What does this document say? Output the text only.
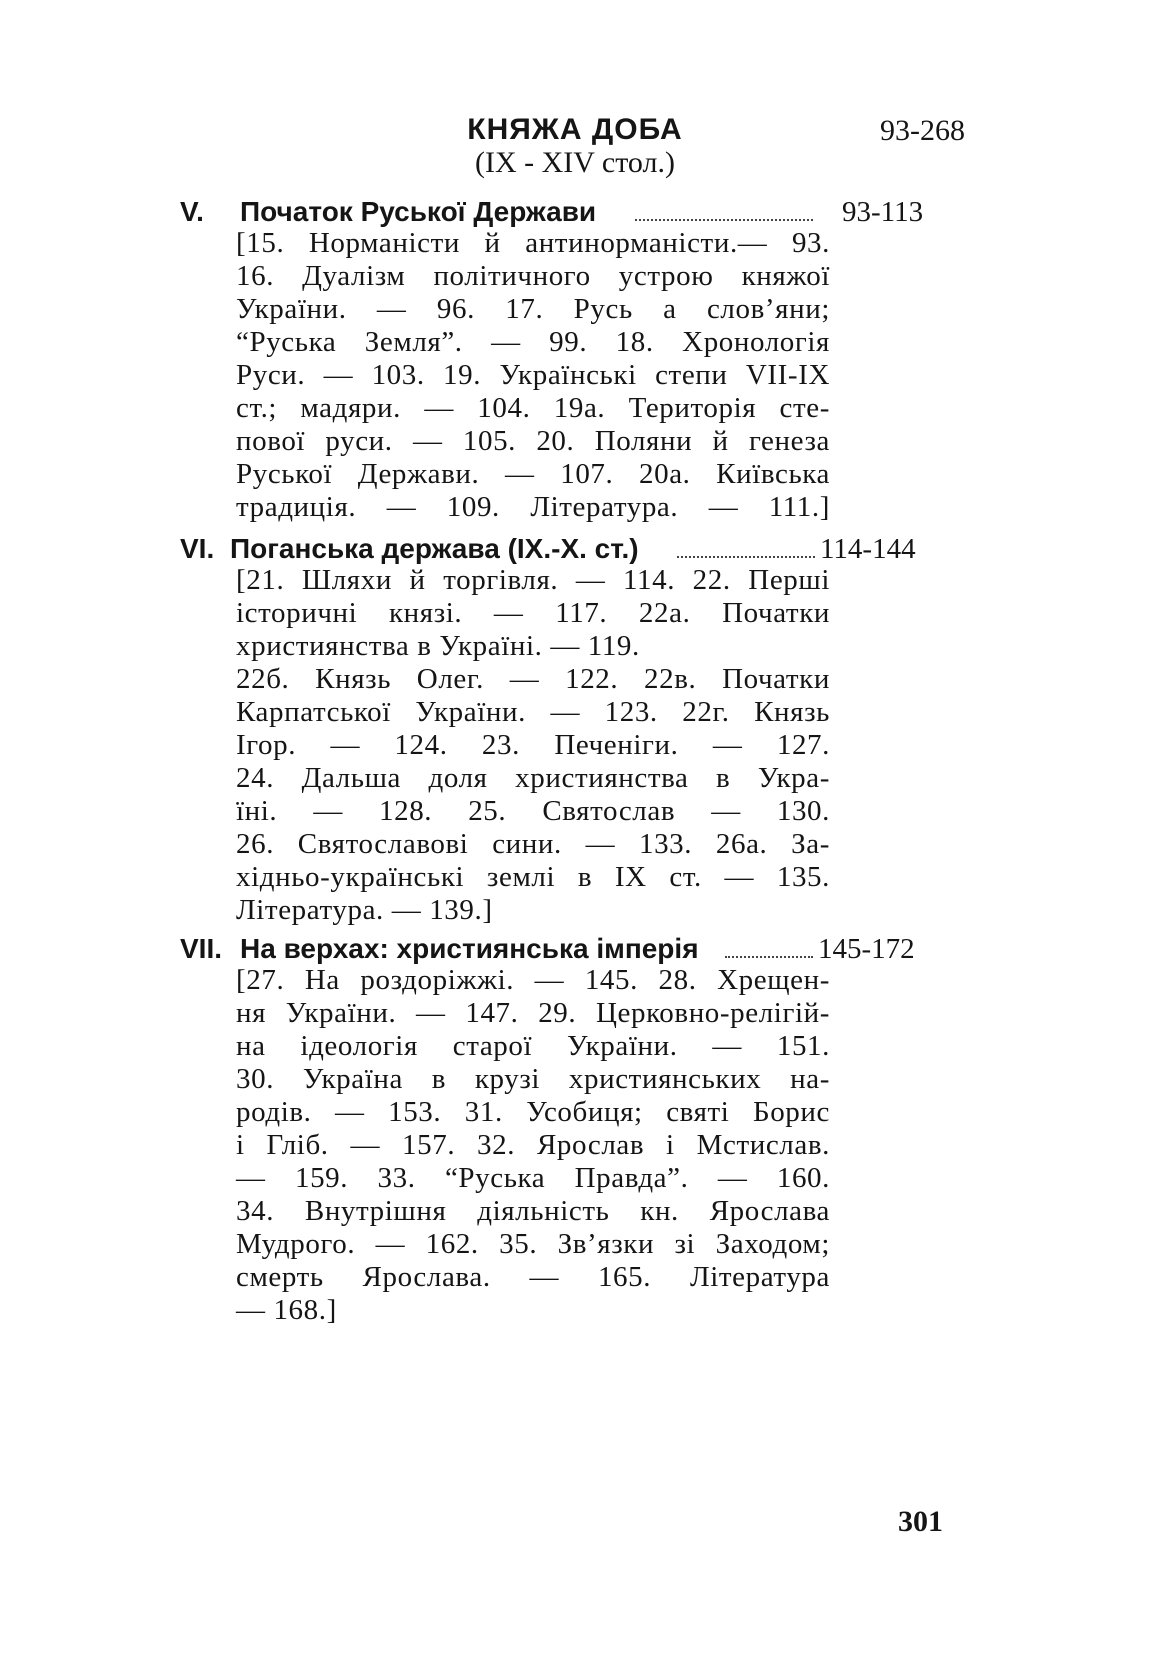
КНЯЖА ДОБА
(IX - XIV стол.)
93-268
V. Початок Руської Держави	93-113
[15. Норманісти й антинорманісти.— 93.
16. Дуалізм політичного устрою княжої
України. — 96. 17. Русь а слов’яни;
“Руська Земля”. — 99. 18. Хронологія
Руси. — 103. 19. Українські степи VII-IX
ст.; мадяри. — 104. 19а. Територія сте-
пової руси. — 105. 20. Поляни й генеза
Руської Держави. — 107. 20а. Київська
традиція. — 109. Література. — 111.]
VI. Поганська держава (IX.-X. ст.)	114-144
[21. Шляхи й торгівля. — 114. 22. Перші
історичні князі. — 117. 22а. Початки
християнства в Україні. — 119.
22б. Князь Олег. — 122. 22в. Початки
Карпатської України. — 123. 22г. Князь
Ігор. — 124. 23. Печеніги. — 127.
24. Дальша доля християнства в Укра-
їні. — 128. 25. Святослав — 130.
26. Святославові сини. — 133. 26а. За-
хідньо-українські землі в IX ст. — 135.
Література. — 139.]
VII. На верхах: християнська імперія	145-172
[27. На роздоріжжі. — 145. 28. Хрещен-
ня України. — 147. 29. Церковно-релігій-
на ідеологія старої України. — 151.
30. Україна в крузі християнських на-
родів. — 153. 31. Усобиця; святі Борис
і Гліб. — 157. 32. Ярослав і Мстислав.
— 159. 33. “Руська Правда”. — 160.
34. Внутрішня діяльність кн. Ярослава
Мудрого. — 162. 35. Зв’язки зі Заходом;
смерть Ярослава. — 165. Література
— 168.]
301
